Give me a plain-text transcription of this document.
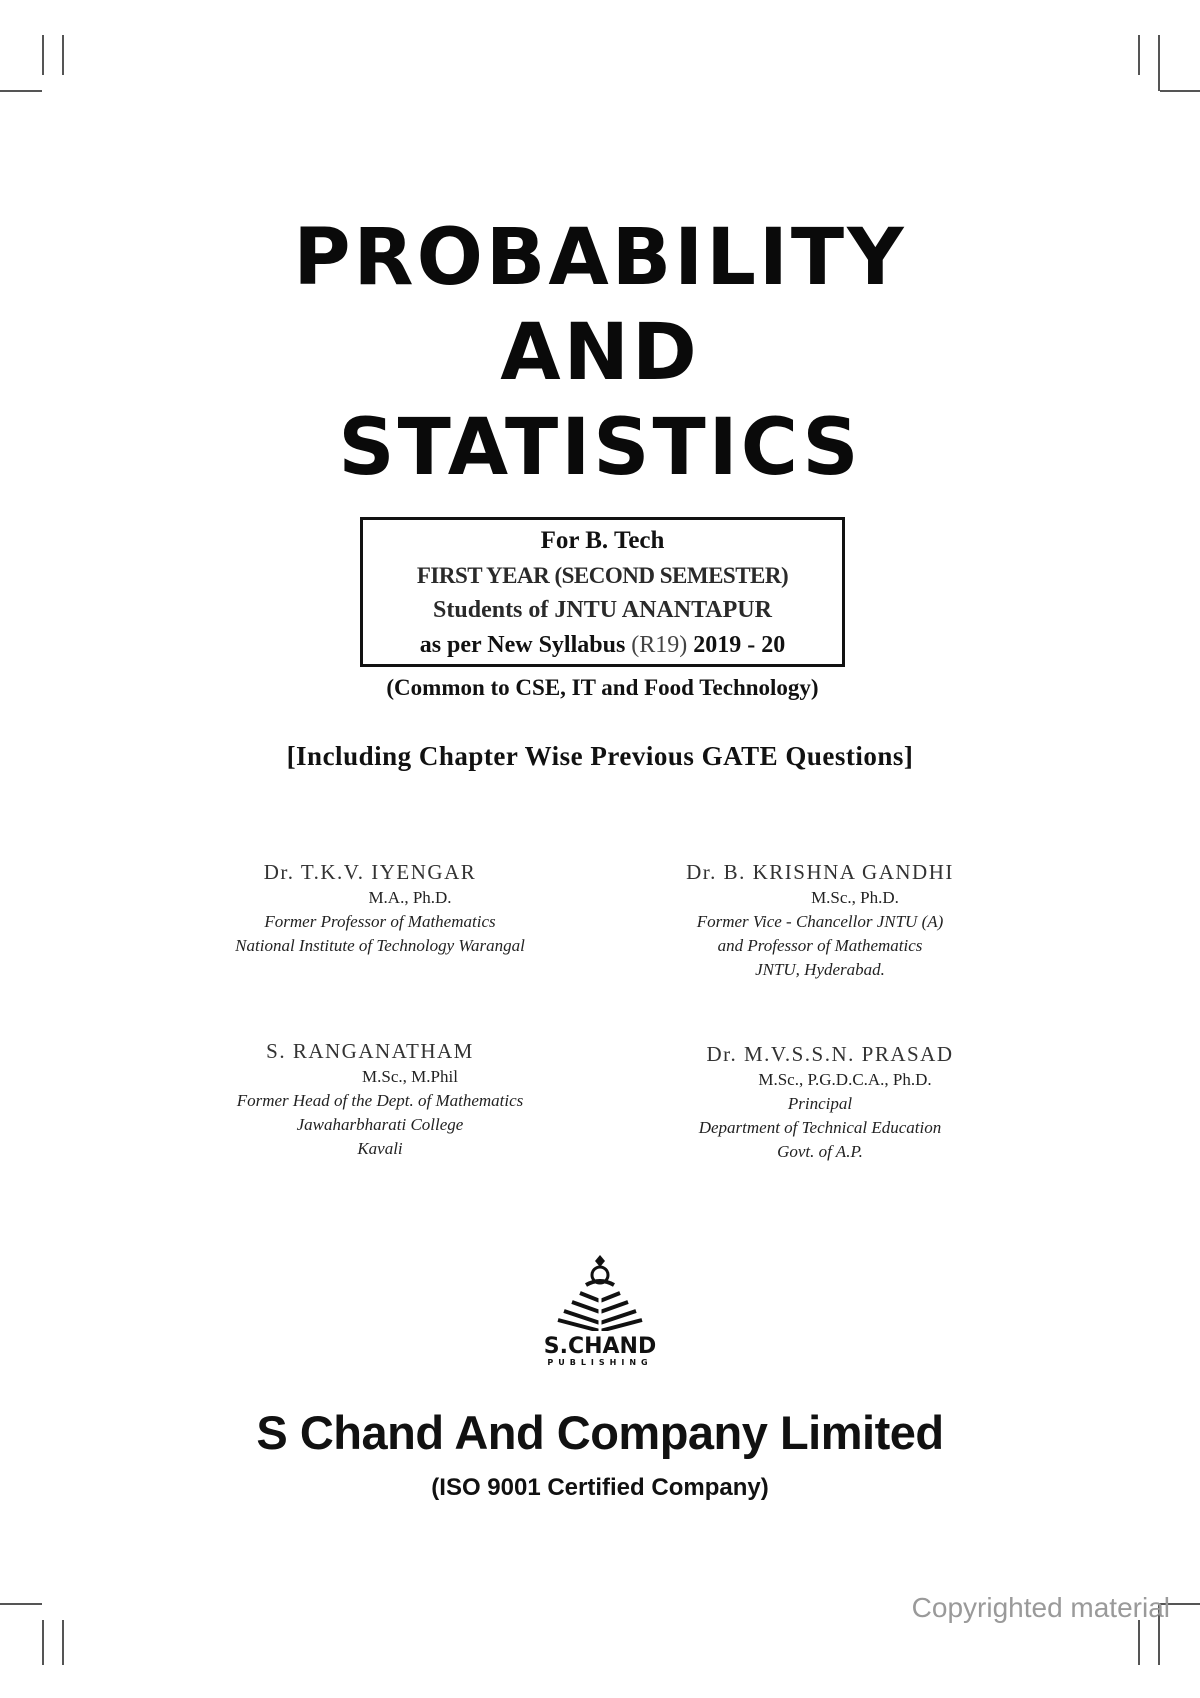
PROBABILITY
AND
STATISTICS
For B. Tech
FIRST YEAR (SECOND SEMESTER)
Students of JNTU ANANTAPUR
as per New Syllabus (R19) 2019 - 20
(Common to CSE, IT and Food Technology)
[Including Chapter Wise Previous GATE Questions]
Dr. T.K.V. IYENGAR
M.A., Ph.D.
Former Professor of Mathematics
National Institute of Technology Warangal
Dr. B. KRISHNA GANDHI
M.Sc., Ph.D.
Former Vice - Chancellor JNTU (A)
and Professor of Mathematics
JNTU, Hyderabad.
S. RANGANATHAM
M.Sc., M.Phil
Former Head of the Dept. of Mathematics
Jawaharbharati College
Kavali
Dr. M.V.S.S.N. PRASAD
M.Sc., P.G.D.C.A., Ph.D.
Principal
Department of Technical Education
Govt. of A.P.
S.CHAND
PUBLISHING
S Chand And Company Limited
(ISO 9001 Certified Company)
Copyrighted material
